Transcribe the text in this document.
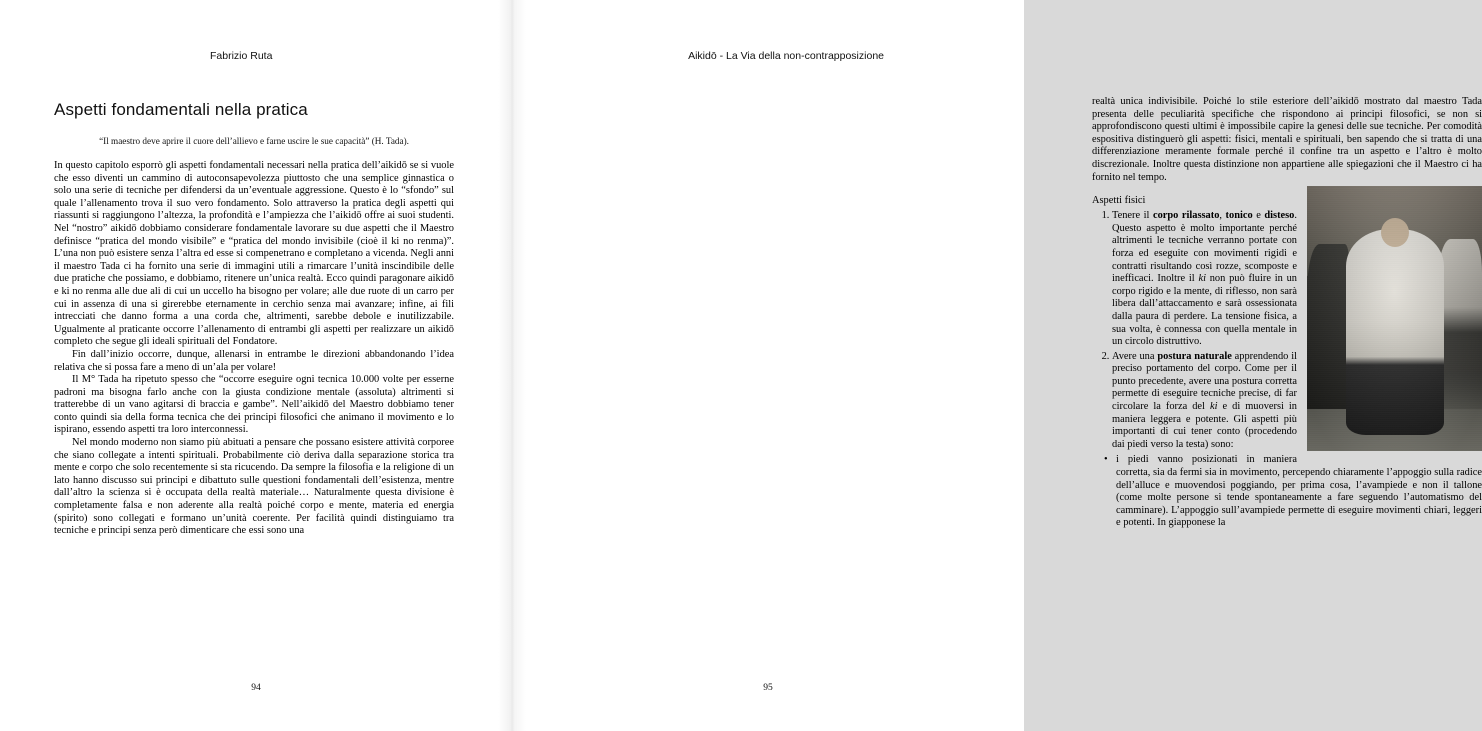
Fabrizio Ruta
Aspetti fondamentali nella pratica
“Il maestro deve aprire il cuore dell’allievo e farne uscire le sue capacità” (H. Tada).

In questo capitolo esporrò gli aspetti fondamentali necessari nella pratica dell’aikidō se si vuole che esso diventi un cammino di autoconsapevolezza piuttosto che una semplice ginnastica o solo una serie di tecniche per difendersi da un’eventuale aggressione. Questo è lo “sfondo” sul quale l’allenamento trova il suo vero fondamento. Solo attraverso la pratica degli aspetti qui riassunti si raggiungono l’altezza, la profondità e l’ampiezza che l’aikidō offre ai suoi studenti. Nel “nostro” aikidō dobbiamo considerare fondamentale lavorare su due aspetti che il Maestro definisce “pratica del mondo visibile” e “pratica del mondo invisibile (cioè il ki no renma)”. L’una non può esistere senza l’altra ed esse si compenetrano e completano a vicenda. Negli anni il maestro Tada ci ha fornito una serie di immagini utili a rimarcare l’unità inscindibile delle due pratiche che possiamo, e dobbiamo, ritenere un’unica realtà. Ecco quindi paragonare aikidō e ki no renma alle due ali di cui un uccello ha bisogno per volare; alle due ruote di un carro per cui in assenza di una si girerebbe eternamente in cerchio senza mai avanzare; infine, ai fili intrecciati che danno forma a una corda che, altrimenti, sarebbe debole e inutilizzabile. Ugualmente al praticante occorre l’allenamento di entrambi gli aspetti per realizzare un aikidō completo che segue gli ideali spirituali del Fondatore.

Fin dall’inizio occorre, dunque, allenarsi in entrambe le direzioni abbandonando l’idea relativa che si possa fare a meno di un’ala per volare!

Il M° Tada ha ripetuto spesso che “occorre eseguire ogni tecnica 10.000 volte per esserne padroni ma bisogna farlo anche con la giusta condizione mentale (assoluta) altrimenti si tratterebbe di un vano agitarsi di braccia e gambe”. Nell’aikidō del Maestro dobbiamo tener conto quindi sia della forma tecnica che dei principi filosofici che animano il movimento e lo ispirano, essendo aspetti tra loro interconnessi.

Nel mondo moderno non siamo più abituati a pensare che possano esistere attività corporee che siano collegate a intenti spirituali. Probabilmente ciò deriva dalla separazione storica tra mente e corpo che solo recentemente si sta ricucendo. Da sempre la filosofia e la religione di un lato hanno discusso sui principi e dibattuto sulle questioni fondamentali dell’esistenza, mentre dall’altro la scienza si è occupata della realtà materiale… Naturalmente questa divisione è completamente falsa e non aderente alla realtà poiché corpo e mente, materia ed energia (spirito) sono collegati e formano un’unità coerente. Per facilità quindi distinguiamo tra tecniche e principi senza però dimenticare che essi sono una

94
Aikidō - La Via della non-contrapposizione

realtà unica indivisibile. Poiché lo stile esteriore dell’aikidō mostrato dal maestro Tada presenta delle peculiarità specifiche che rispondono ai principi filosofici, se non si approfondiscono questi ultimi è impossibile capire la genesi delle sue tecniche. Per comodità espositiva distinguerò gli aspetti: fisici, mentali e spirituali, ben sapendo che si tratta di una differenziazione meramente formale perché il confine tra un aspetto e l’altro è molto discrezionale. Inoltre questa distinzione non appartiene alle spiegazioni che il Maestro ci ha fornito nel tempo.

Aspetti fisici
1. Tenere il corpo rilassato, tonico e disteso. Questo aspetto è molto importante perché altrimenti le tecniche verranno portate con forza ed eseguite con movimenti rigidi e contratti risultando così rozze, scomposte e inefficaci. Inoltre il ki non può fluire in un corpo rigido e la mente, di riflesso, non sarà libera dall’attaccamento e sarà ossessionata dalla paura di perdere. La tensione fisica, a sua volta, è connessa con quella mentale in un circolo distruttivo.
2. Avere una postura naturale apprendendo il preciso portamento del corpo. Come per il punto precedente, avere una postura corretta permette di eseguire tecniche precise, di far circolare la forza del ki e di muoversi in maniera leggera e potente. Gli aspetti più importanti di cui tener conto (procedendo dai piedi verso la testa) sono:
• i piedi vanno posizionati in maniera corretta, sia da fermi sia in movimento, percependo chiaramente l’appoggio sulla radice dell’alluce e muovendosi poggiando, per prima cosa, l’avampiede e non il tallone (come molte persone si tende spontaneamente a fare seguendo l’automatismo del camminare). L’appoggio sull’avampiede permette di eseguire movimenti chiari, leggeri e potenti. In giapponese la
95
